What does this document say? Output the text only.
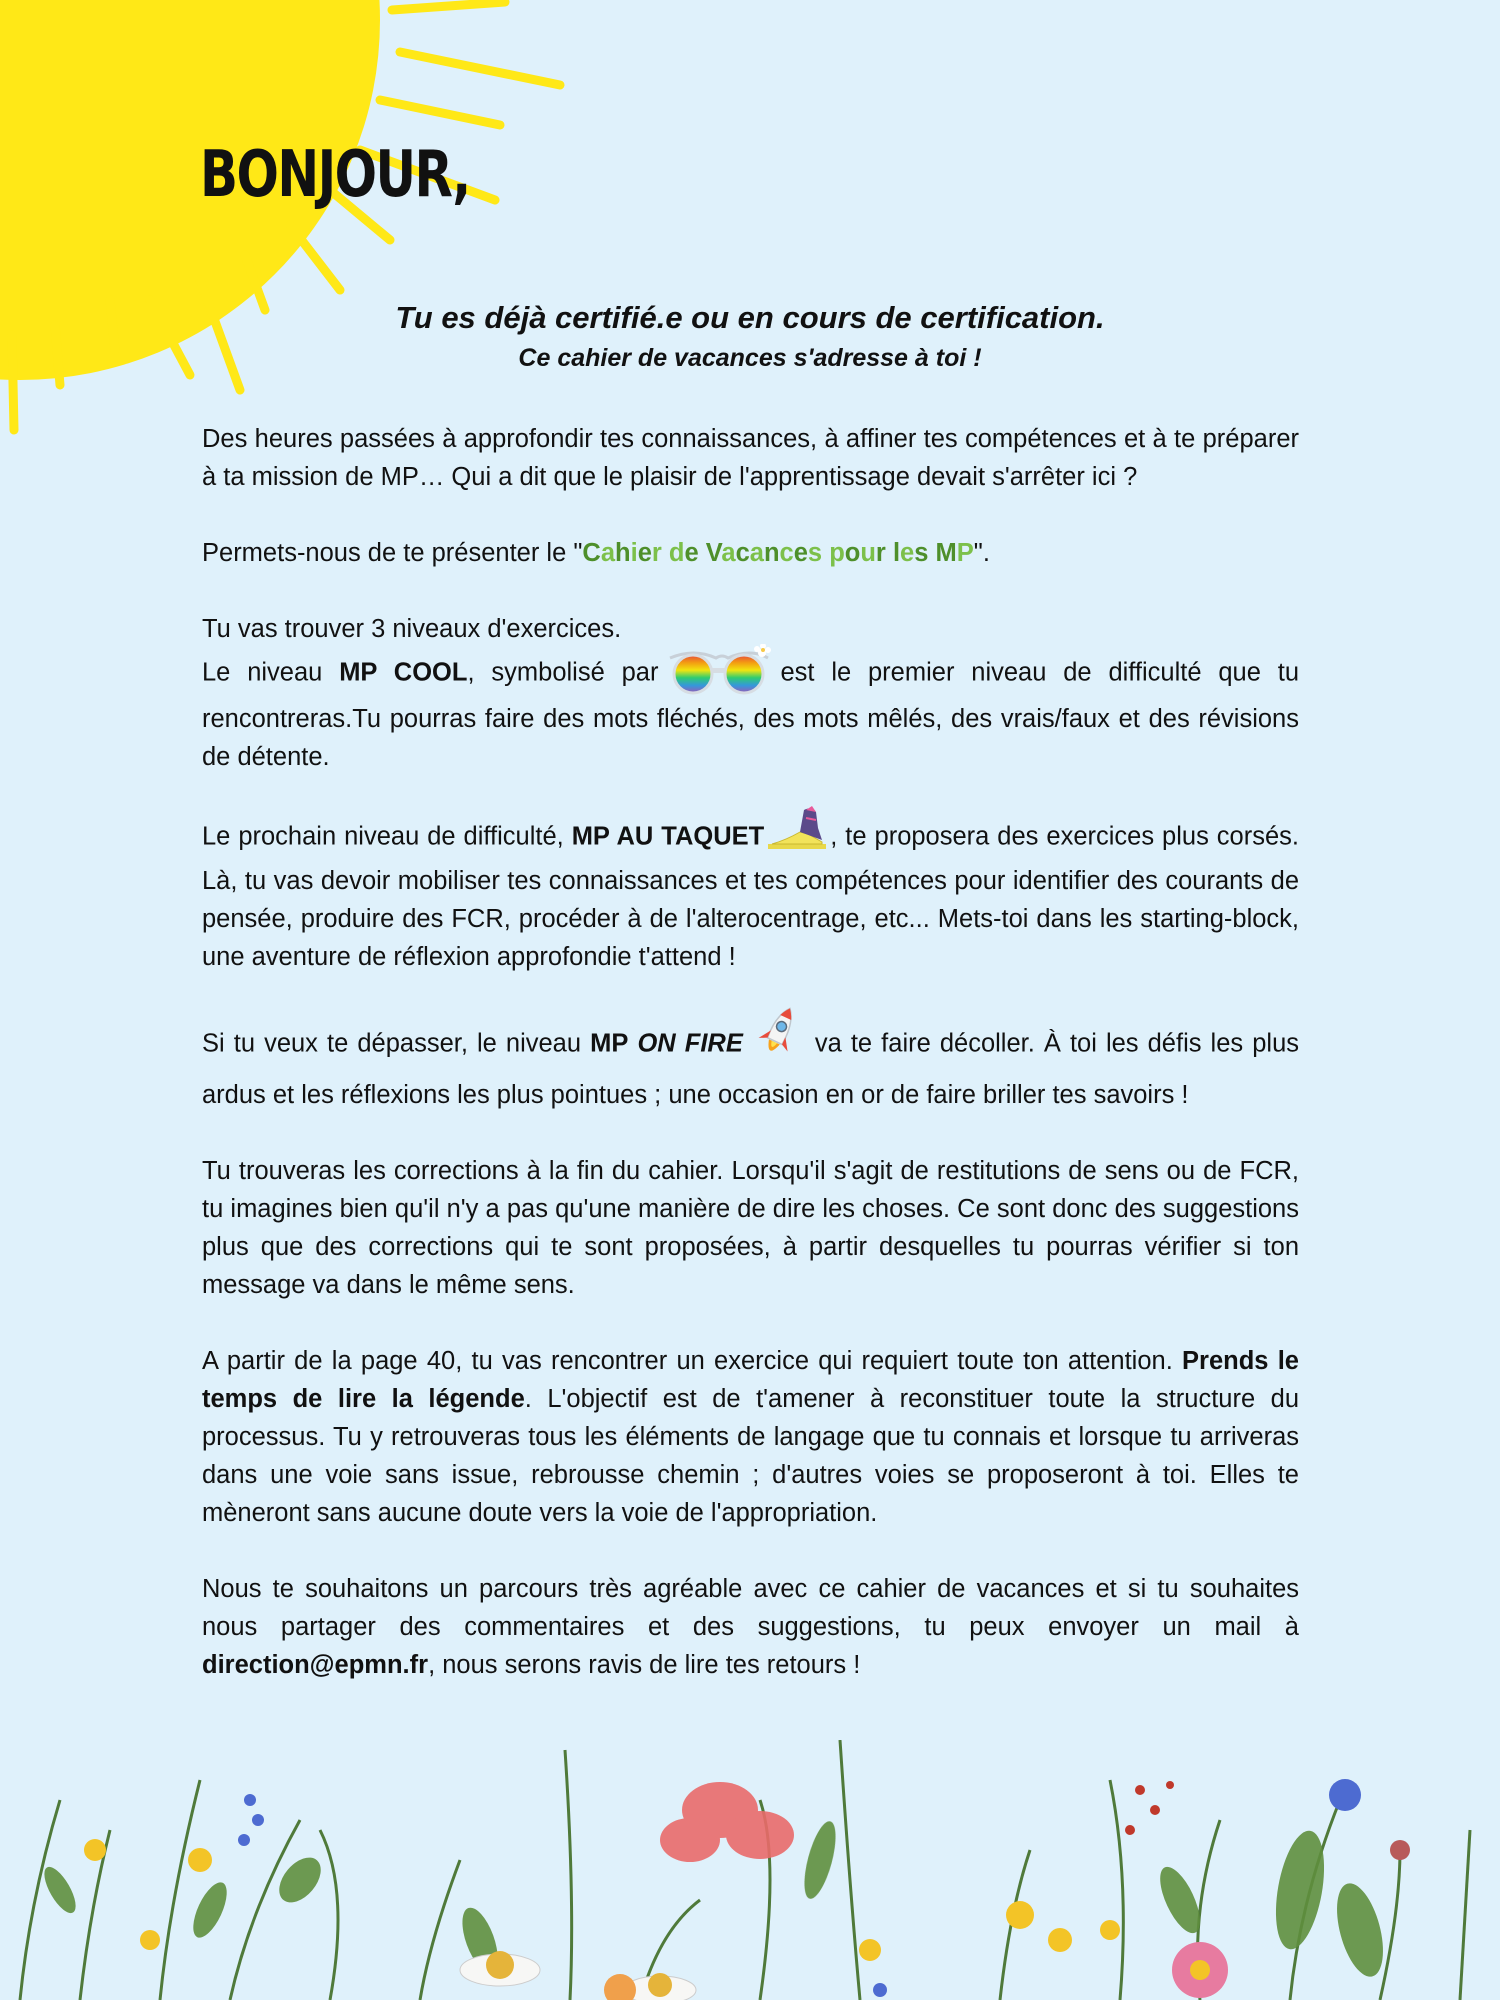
BONJOUR,

Tu es déjà certifié.e ou en cours de certification.

Ce cahier de vacances s'adresse à toi !

Des heures passées à approfondir tes connaissances, à affiner tes compétences et à te préparer à ta mission de MP… Qui a dit que le plaisir de l'apprentissage devait s'arrêter ici ?

Permets-nous de te présenter le "Cahier de Vacances pour les MP".

Tu vas trouver 3 niveaux d'exercices.
Le niveau MP COOL, symbolisé par	est le premier niveau de difficulté que tu rencontreras.Tu pourras faire des mots fléchés, des mots mêlés, des vrais/faux et des révisions de détente.

Le prochain niveau de difficulté, MP AU TAQUET	, te proposera des exercices plus corsés. Là, tu vas devoir mobiliser tes connaissances et tes compétences pour identifier des courants de pensée, produire des FCR, procéder à de l'alterocentrage, etc... Mets-toi dans les starting-block, une aventure de réflexion approfondie t'attend !

Si tu veux te dépasser, le niveau MP ON FIRE	va te faire décoller. À toi les défis les plus ardus et les réflexions les plus pointues ; une occasion en or de faire briller tes savoirs !

Tu trouveras les corrections à la fin du cahier. Lorsqu'il s'agit de restitutions de sens ou de FCR, tu imagines bien qu'il n'y a pas qu'une manière de dire les choses. Ce sont donc des suggestions plus que des corrections qui te sont proposées, à partir desquelles tu pourras vérifier si ton message va dans le même sens.

A partir de la page 40, tu vas rencontrer un exercice qui requiert toute ton attention. Prends le temps de lire la légende. L'objectif est de t'amener à reconstituer toute la structure du processus. Tu y retrouveras tous les éléments de langage que tu connais et lorsque tu arriveras dans une voie sans issue, rebrousse chemin ; d'autres voies se proposeront à toi. Elles te mèneront sans aucune doute vers la voie de l'appropriation.

Nous te souhaitons un parcours très agréable avec ce cahier de vacances et si tu souhaites nous partager des commentaires et des suggestions, tu peux envoyer un mail à direction@epmn.fr, nous serons ravis de lire tes retours !
